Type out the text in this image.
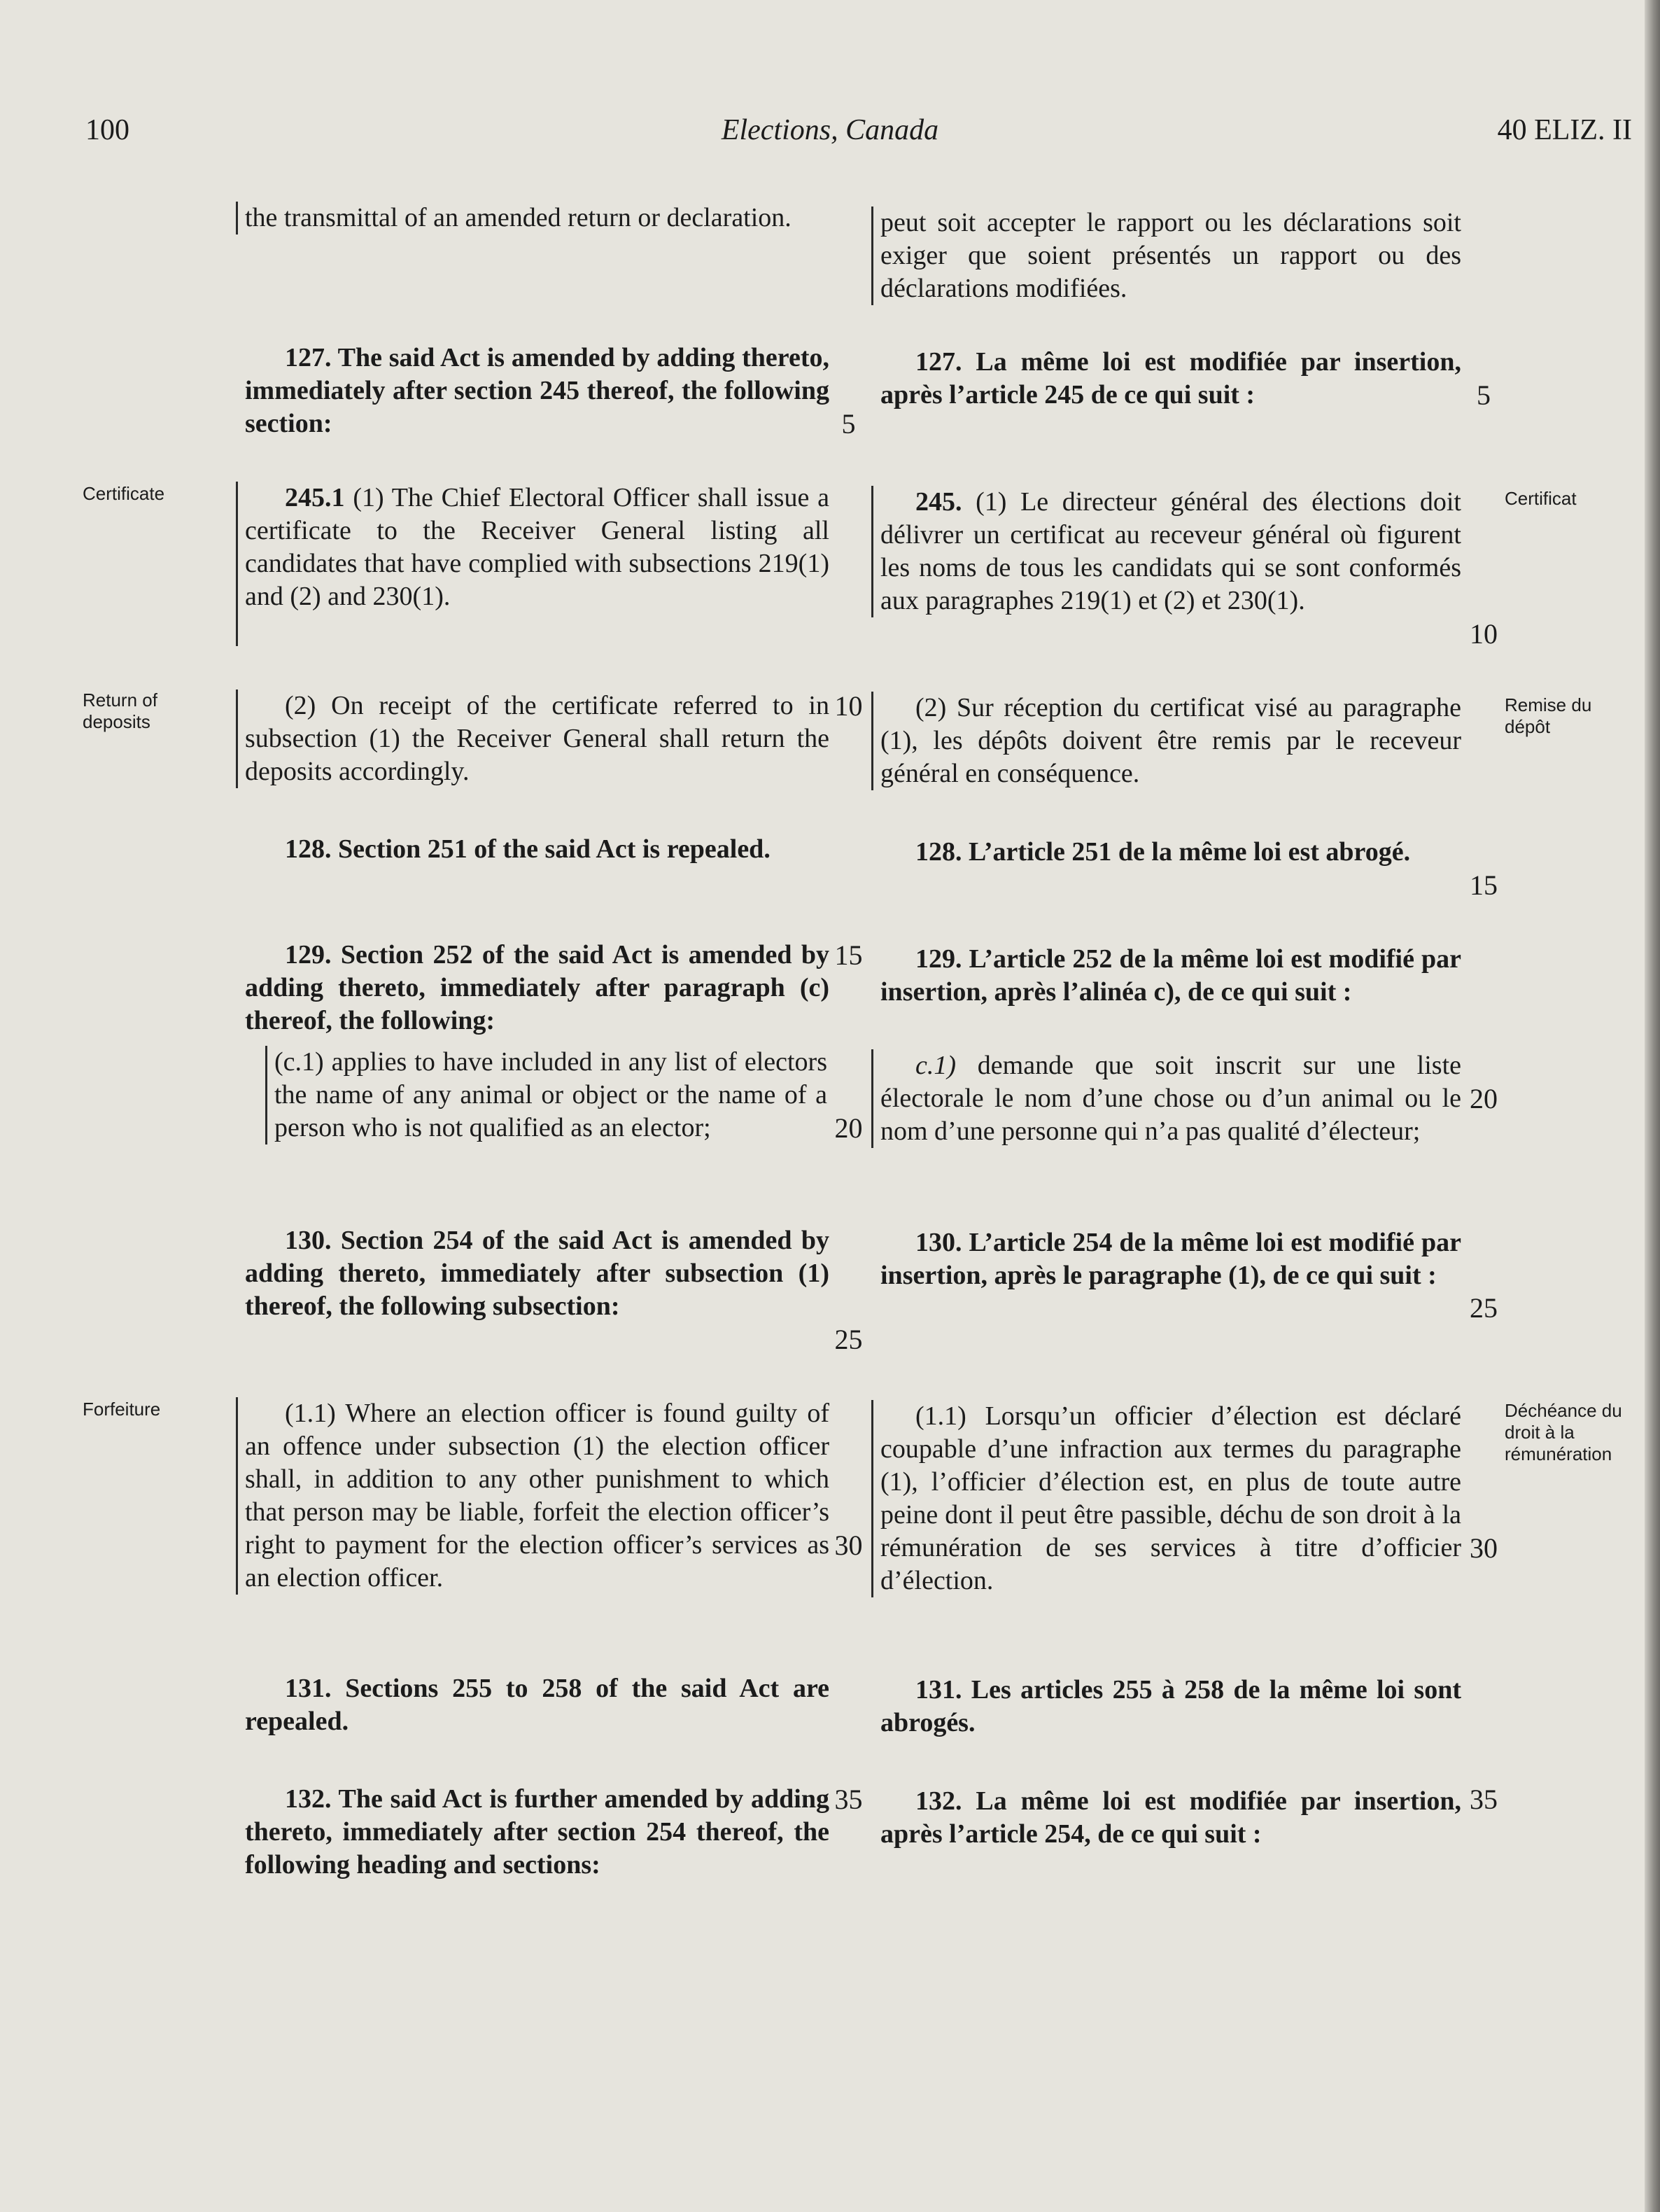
100	Elections, Canada	40 ELIZ. II
the transmittal of an amended return or declaration.
127. The said Act is amended by adding thereto, immediately after section 245 thereof, the following section:
245.1 (1) The Chief Electoral Officer shall issue a certificate to the Receiver General listing all candidates that have complied with subsections 219(1) and (2) and 230(1).
(2) On receipt of the certificate referred to in subsection (1) the Receiver General shall return the deposits accordingly.
128. Section 251 of the said Act is repealed.
129. Section 252 of the said Act is amended by adding thereto, immediately after paragraph (c) thereof, the following:
(c.1) applies to have included in any list of electors the name of any animal or object or the name of a person who is not qualified as an elector;
130. Section 254 of the said Act is amended by adding thereto, immediately after subsection (1) thereof, the following subsection:
(1.1) Where an election officer is found guilty of an offence under subsection (1) the election officer shall, in addition to any other punishment to which that person may be liable, forfeit the election officer’s right to payment for the election officer’s services as an election officer.
131. Sections 255 to 258 of the said Act are repealed.
132. The said Act is further amended by adding thereto, immediately after section 254 thereof, the following heading and sections:
peut soit accepter le rapport ou les déclarations soit exiger que soient présentés un rapport ou des déclarations modifiées.
127. La même loi est modifiée par insertion, après l’article 245 de ce qui suit :
245. (1) Le directeur général des élections doit délivrer un certificat au receveur général où figurent les noms de tous les candidats qui se sont conformés aux paragraphes 219(1) et (2) et 230(1).
(2) Sur réception du certificat visé au paragraphe (1), les dépôts doivent être remis par le receveur général en conséquence.
128. L’article 251 de la même loi est abrogé.
129. L’article 252 de la même loi est modifié par insertion, après l’alinéa c), de ce qui suit :
c.1) demande que soit inscrit sur une liste électorale le nom d’une chose ou d’un animal ou le nom d’une personne qui n’a pas qualité d’électeur;
130. L’article 254 de la même loi est modifié par insertion, après le paragraphe (1), de ce qui suit :
(1.1) Lorsqu’un officier d’élection est déclaré coupable d’une infraction aux termes du paragraphe (1), l’officier d’élection est, en plus de toute autre peine dont il peut être passible, déchu de son droit à la rémunération de ses services à titre d’officier d’élection.
131. Les articles 255 à 258 de la même loi sont abrogés.
132. La même loi est modifiée par insertion, après l’article 254, de ce qui suit :
5
10
15
20
25
30
35
5
10
15
20
25
30
35
Certificate
Return of deposits
Forfeiture
Certificat
Remise du dépôt
Déchéance du droit à la rémunération
